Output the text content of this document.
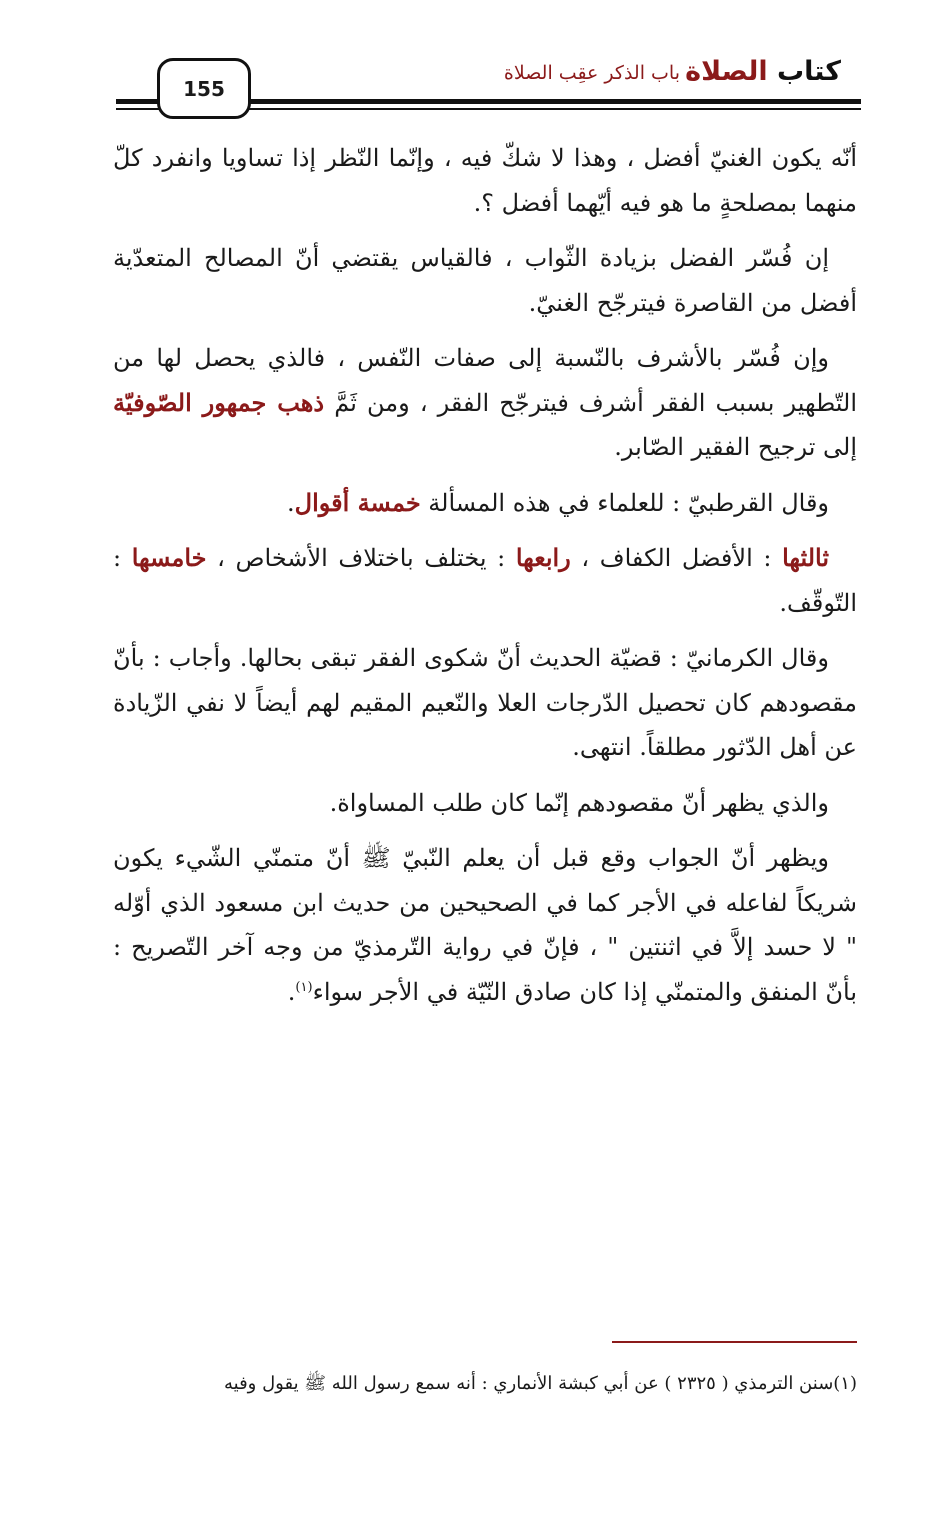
كتاب الصلاة
باب الذكر عقِب الصلاة
155

أنّه يكون الغنيّ أفضل ، وهذا لا شكّ فيه ، وإنّما النّظر إذا تساويا وانفرد كلّ منهما بمصلحةٍ ما هو فيه أيّهما أفضل ؟.

إن فُسّر الفضل بزيادة الثّواب ، فالقياس يقتضي أنّ المصالح المتعدّية أفضل من القاصرة فيترجّح الغنيّ.

وإن فُسّر بالأشرف بالنّسبة إلى صفات النّفس ، فالذي يحصل لها من التّطهير بسبب الفقر أشرف فيترجّح الفقر ، ومن ثَمَّ ذهب جمهور الصّوفيّة إلى ترجيح الفقير الصّابر.

وقال القرطبيّ : للعلماء في هذه المسألة خمسة أقوال.

ثالثها : الأفضل الكفاف ، رابعها : يختلف باختلاف الأشخاص ، خامسها : التّوقّف.

وقال الكرمانيّ : قضيّة الحديث أنّ شكوى الفقر تبقى بحالها. وأجاب : بأنّ مقصودهم كان تحصيل الدّرجات العلا والنّعيم المقيم لهم أيضاً لا نفي الزّيادة عن أهل الدّثور مطلقاً. انتهى.

والذي يظهر أنّ مقصودهم إنّما كان طلب المساواة.

ويظهر أنّ الجواب وقع قبل أن يعلم النّبيّ ﷺ أنّ متمنّي الشّيء يكون شريكاً لفاعله في الأجر كما في الصحيحين من حديث ابن مسعود الذي أوّله " لا حسد إلاَّ في اثنتين " ، فإنّ في رواية التّرمذيّ من وجه آخر التّصريح : بأنّ المنفق والمتمنّي إذا كان صادق النّيّة في الأجر سواء$^{(١)}$.

(١)سنن الترمذي ( ٢٣٢٥ ) عن أبي كبشة الأنماري : أنه سمع رسول الله ﷺ يقول وفيه
